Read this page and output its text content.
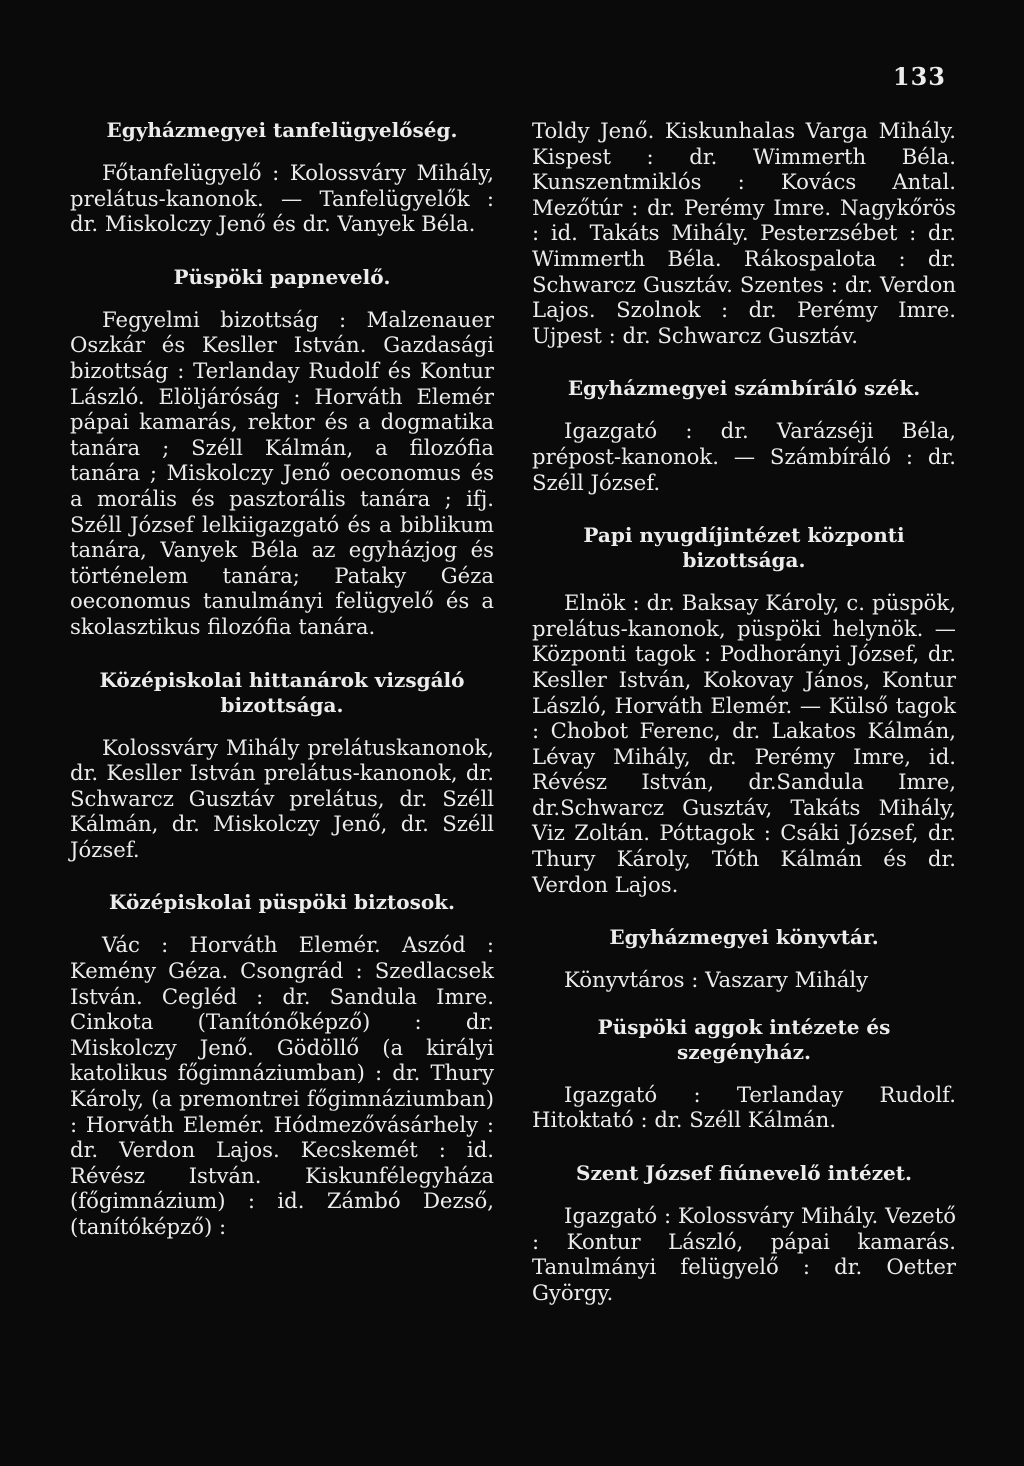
133
Egyházmegyei tanfelügyelőség.
Főtanfelügyelő : Kolossváry Mihály, prelátus-kanonok. — Tanfelügyelők : dr. Miskolczy Jenő és dr. Vanyek Béla.
Püspöki papnevelő.
Fegyelmi bizottság : Malzenauer Oszkár és Kesller István. Gazdasági bizottság : Terlanday Rudolf és Kontur László. Elöljáróság : Horváth Elemér pápai kamarás, rektor és a dogmatika tanára ; Széll Kálmán, a filozófia tanára ; Miskolczy Jenő oeconomus és a morális és pasztorális tanára ; ifj. Széll József lelkiigazgató és a biblikum tanára, Vanyek Béla az egyházjog és történelem tanára; Pataky Géza oeconomus tanulmányi felügyelő és a skolasztikus filozófia tanára.
Középiskolai hittanárok vizsgáló bizottsága.
Kolossváry Mihály prelátuskanonok, dr. Kesller István prelátus-kanonok, dr. Schwarcz Gusztáv prelátus, dr. Széll Kálmán, dr. Miskolczy Jenő, dr. Széll József.
Középiskolai püspöki biztosok.
Vác : Horváth Elemér. Aszód : Kemény Géza. Csongrád : Szedlacsek István. Cegléd : dr. Sandula Imre. Cinkota (Tanítónőképző) : dr. Miskolczy Jenő. Gödöllő (a királyi katolikus főgimnáziumban) : dr. Thury Károly, (a premontrei főgimnáziumban) : Horváth Elemér. Hódmezővásárhely : dr. Verdon Lajos. Kecskemét : id. Révész István. Kiskunfélegyháza (főgimnázium) : id. Zámbó Dezső, (tanítóképző) :
Toldy Jenő. Kiskunhalas Varga Mihály. Kispest : dr. Wimmerth Béla. Kunszentmiklós : Kovács Antal. Mezőtúr : dr. Perémy Imre. Nagykőrös : id. Takáts Mihály. Pesterzsébet : dr. Wimmerth Béla. Rákospalota : dr. Schwarcz Gusztáv. Szentes : dr. Verdon Lajos. Szolnok : dr. Perémy Imre. Ujpest : dr. Schwarcz Gusztáv.
Egyházmegyei számbíráló szék.
Igazgató : dr. Varázséji Béla, prépost-kanonok. — Számbíráló : dr. Széll József.
Papi nyugdíjintézet központi bizottsága.
Elnök : dr. Baksay Károly, c. püspök, prelátus-kanonok, püspöki helynök. — Központi tagok : Podhorányi József, dr. Kesller István, Kokovay János, Kontur László, Horváth Elemér. — Külső tagok : Chobot Ferenc, dr. Lakatos Kálmán, Lévay Mihály, dr. Perémy Imre, id. Révész István, dr.Sandula Imre, dr.Schwarcz Gusztáv, Takáts Mihály, Viz Zoltán. Póttagok : Csáki József, dr. Thury Károly, Tóth Kálmán és dr. Verdon Lajos.
Egyházmegyei könyvtár.
Könyvtáros : Vaszary Mihály
Püspöki aggok intézete és szegényház.
Igazgató : Terlanday Rudolf. Hitoktató : dr. Széll Kálmán.
Szent József fiúnevelő intézet.
Igazgató : Kolossváry Mihály. Vezető : Kontur László, pápai kamarás. Tanulmányi felügyelő : dr. Oetter György.
